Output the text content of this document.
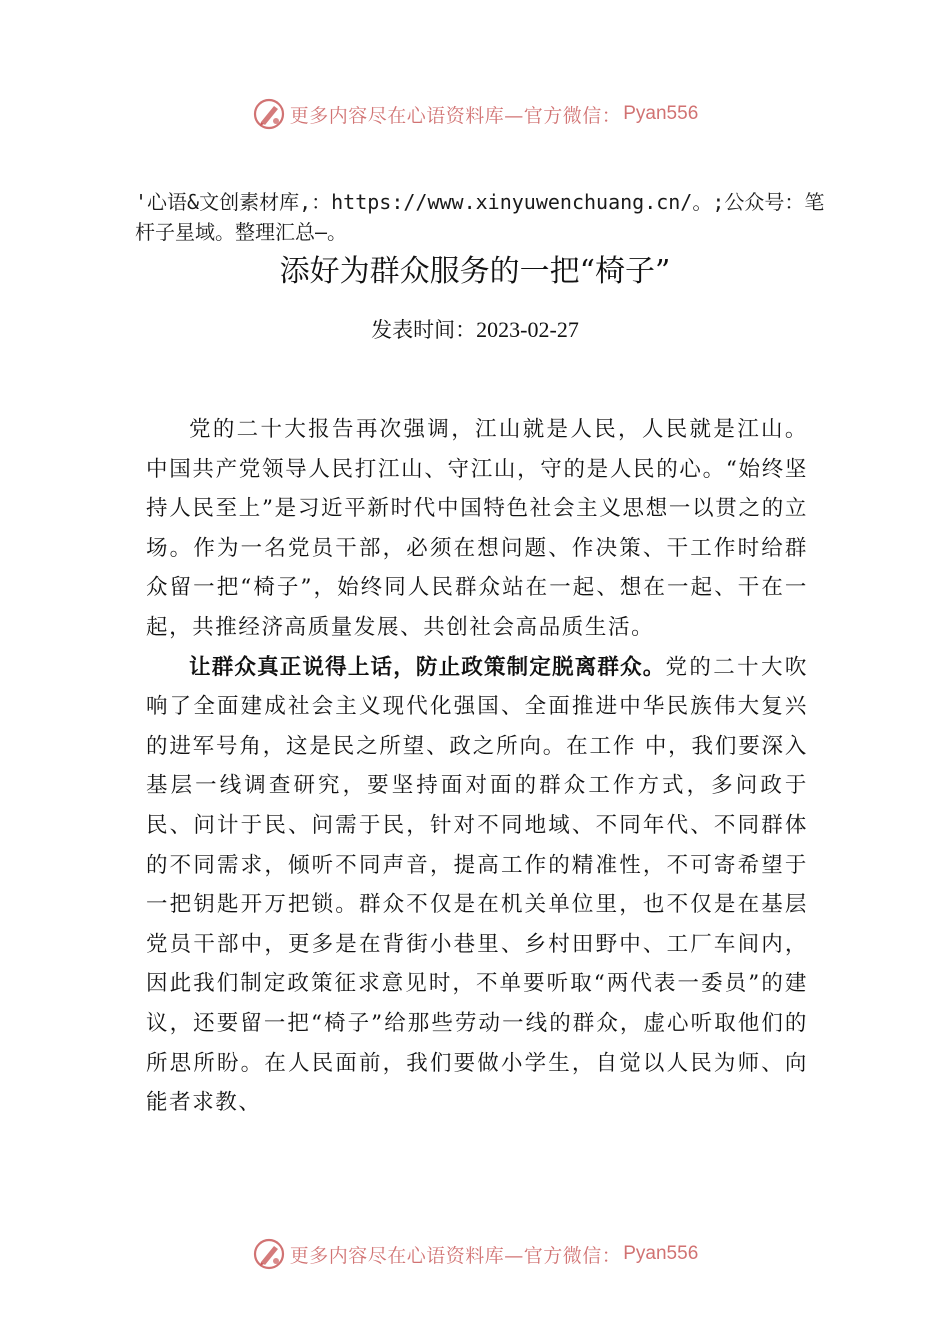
更多内容尽在心语资料库—官方微信： Pyan556
'心语&文创素材库,：https://www.xinyuwenchuang.cn/。;公众号：笔杆子星域。整理汇总—。
添好为群众服务的一把“椅子”
发表时间：2023-02-27

党的二十大报告再次强调，江山就是人民，人民就是江山。中国共产党领导人民打江山、守江山，守的是人民的心。“始终坚持人民至上”是习近平新时代中国特色社会主义思想一以贯之的立场。作为一名党员干部，必须在想问题、作决策、干工作时给群众留一把“椅子”，始终同人民群众站在一起、想在一起、干在一起，共推经济高质量发展、共创社会高品质生活。

让群众真正说得上话，防止政策制定脱离群众。党的二十大吹响了全面建成社会主义现代化强国、全面推进中华民族伟大复兴的进军号角，这是民之所望、政之所向。在工作 中，我们要深入基层一线调查研究，要坚持面对面的群众工作方式，多问政于民、问计于民、问需于民，针对不同地域、不同年代、不同群体的不同需求，倾听不同声音，提高工作的精准性，不可寄希望于一把钥匙开万把锁。群众不仅是在机关单位里，也不仅是在基层党员干部中，更多是在背街小巷里、乡村田野中、工厂车间内，因此我们制定政策征求意见时，不单要听取“两代表一委员”的建议，还要留一把“椅子”给那些劳动一线的群众，虚心听取他们的所思所盼。在人民面前，我们要做小学生，自觉以人民为师、向能者求教、

更多内容尽在心语资料库—官方微信： Pyan556
